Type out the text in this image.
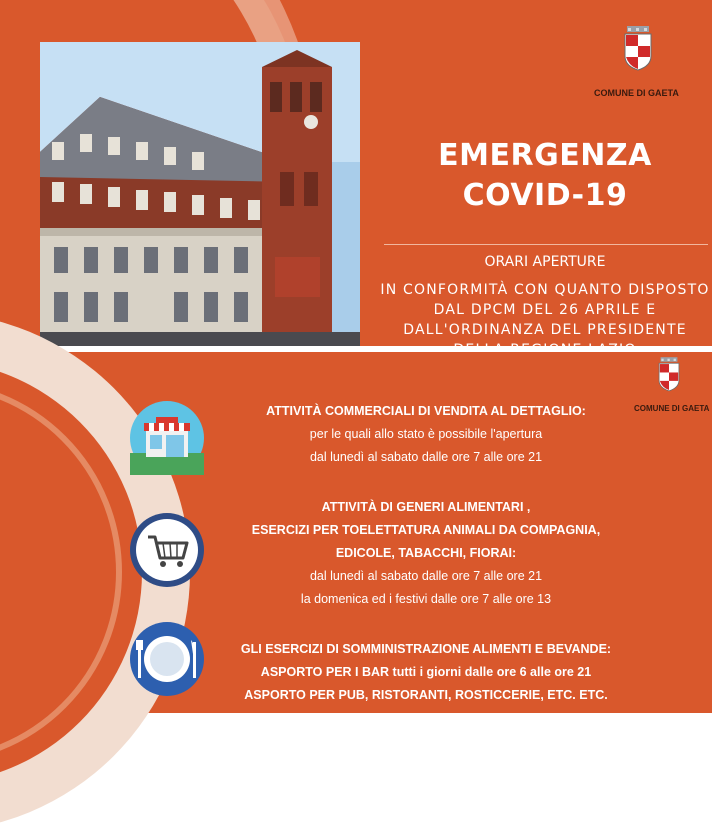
COMUNE DI GAETA
EMERGENZA
COVID-19
ORARI APERTURE
IN CONFORMITÀ CON QUANTO DISPOSTO DAL DPCM DEL 26 APRILE E DALL'ORDINANZA DEL PRESIDENTE
COMUNE DI GAETA
ATTIVITÀ COMMERCIALI DI VENDITA AL DETTAGLIO:
per le quali allo stato è possibile l'apertura
dal lunedì al sabato dalle ore 7 alle ore 21
ATTIVITÀ DI GENERI ALIMENTARI ,
ESERCIZI PER TOELETTATURA ANIMALI DA COMPAGNIA,
EDICOLE, TABACCHI, FIORAI:
dal lunedì al sabato dalle ore 7 alle ore 21
la domenica ed i festivi dalle ore 7 alle ore 13
GLI ESERCIZI DI SOMMINISTRAZIONE ALIMENTI E BEVANDE:
ASPORTO PER I BAR tutti i giorni dalle ore 6 alle ore 21
ASPORTO PER PUB, RISTORANTI, ROSTICCERIE, ETC. ETC.
